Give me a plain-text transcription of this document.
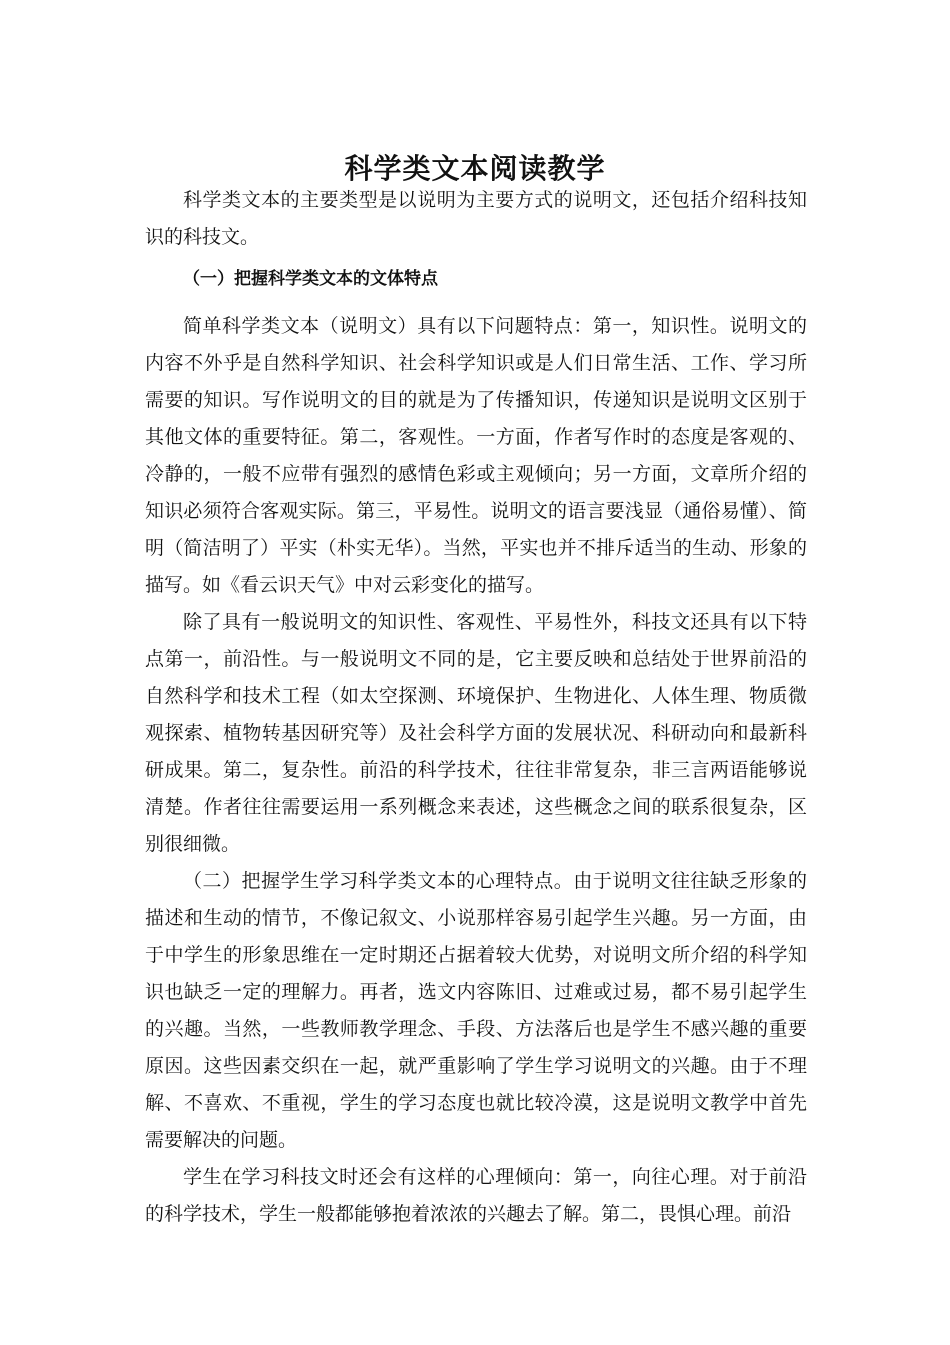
科学类文本阅读教学

科学类文本的主要类型是以说明为主要方式的说明文，还包括介绍科技知识的科技文。

（一）把握科学类文本的文体特点

简单科学类文本（说明文）具有以下问题特点：第一，知识性。说明文的内容不外乎是自然科学知识、社会科学知识或是人们日常生活、工作、学习所需要的知识。写作说明文的目的就是为了传播知识，传递知识是说明文区别于其他文体的重要特征。第二，客观性。一方面，作者写作时的态度是客观的、冷静的，一般不应带有强烈的感情色彩或主观倾向；另一方面，文章所介绍的知识必须符合客观实际。第三，平易性。说明文的语言要浅显（通俗易懂）、简明（简洁明了）平实（朴实无华）。当然，平实也并不排斥适当的生动、形象的描写。如《看云识天气》中对云彩变化的描写。

除了具有一般说明文的知识性、客观性、平易性外，科技文还具有以下特点第一，前沿性。与一般说明文不同的是，它主要反映和总结处于世界前沿的自然科学和技术工程（如太空探测、环境保护、生物进化、人体生理、物质微观探索、植物转基因研究等）及社会科学方面的发展状况、科研动向和最新科研成果。第二，复杂性。前沿的科学技术，往往非常复杂，非三言两语能够说清楚。作者往往需要运用一系列概念来表述，这些概念之间的联系很复杂，区别很细微。

（二）把握学生学习科学类文本的心理特点。由于说明文往往缺乏形象的描述和生动的情节，不像记叙文、小说那样容易引起学生兴趣。另一方面，由于中学生的形象思维在一定时期还占据着较大优势，对说明文所介绍的科学知识也缺乏一定的理解力。再者，选文内容陈旧、过难或过易，都不易引起学生的兴趣。当然，一些教师教学理念、手段、方法落后也是学生不感兴趣的重要原因。这些因素交织在一起，就严重影响了学生学习说明文的兴趣。由于不理解、不喜欢、不重视，学生的学习态度也就比较冷漠，这是说明文教学中首先需要解决的问题。

学生在学习科技文时还会有这样的心理倾向：第一，向往心理。对于前沿的科学技术，学生一般都能够抱着浓浓的兴趣去了解。第二，畏惧心理。前沿
